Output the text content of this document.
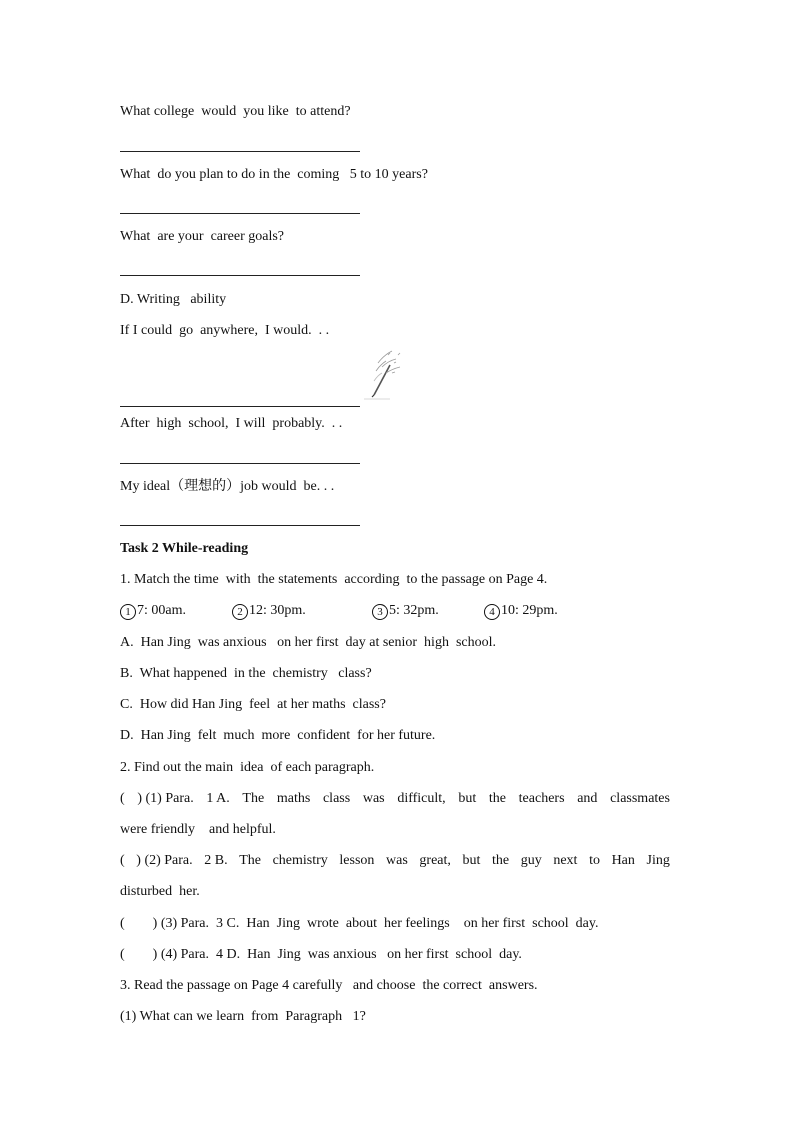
What college  would  you like  to attend?
What  do you plan to do in the  coming   5 to 10 years?
What  are your  career goals?
D. Writing   ability
If I could  go  anywhere,  I would.  . .
After  high  school,  I will  probably.  . .
My ideal（理想的）job would  be. . .
Task 2 While-reading
1. Match the time  with  the statements  according  to the passage on Page 4.
1 7: 00am.	2 12: 30pm.	3 5: 32pm.	4 10: 29pm.
A.  Han Jing  was anxious   on her first  day at senior  high  school.
B.  What happened  in the  chemistry   class?
C.  How did Han Jing  feel  at her maths  class?
D.  Han Jing  felt  much  more  confident  for her future.
2. Find out the main  idea  of each paragraph.
( ) (1) Para. 1 A. The maths class was difficult, but the teachers and classmates
were friendly    and helpful.
( ) (2) Para. 2 B. The chemistry lesson was great, but the guy next to Han Jing
disturbed  her.
(        ) (3) Para.  3 C.  Han  Jing  wrote  about  her feelings    on her first  school  day.
(        ) (4) Para.  4 D.  Han  Jing  was anxious   on her first  school  day.
3. Read the passage on Page 4 carefully   and choose  the correct  answers.
(1) What can we learn  from  Paragraph   1?
